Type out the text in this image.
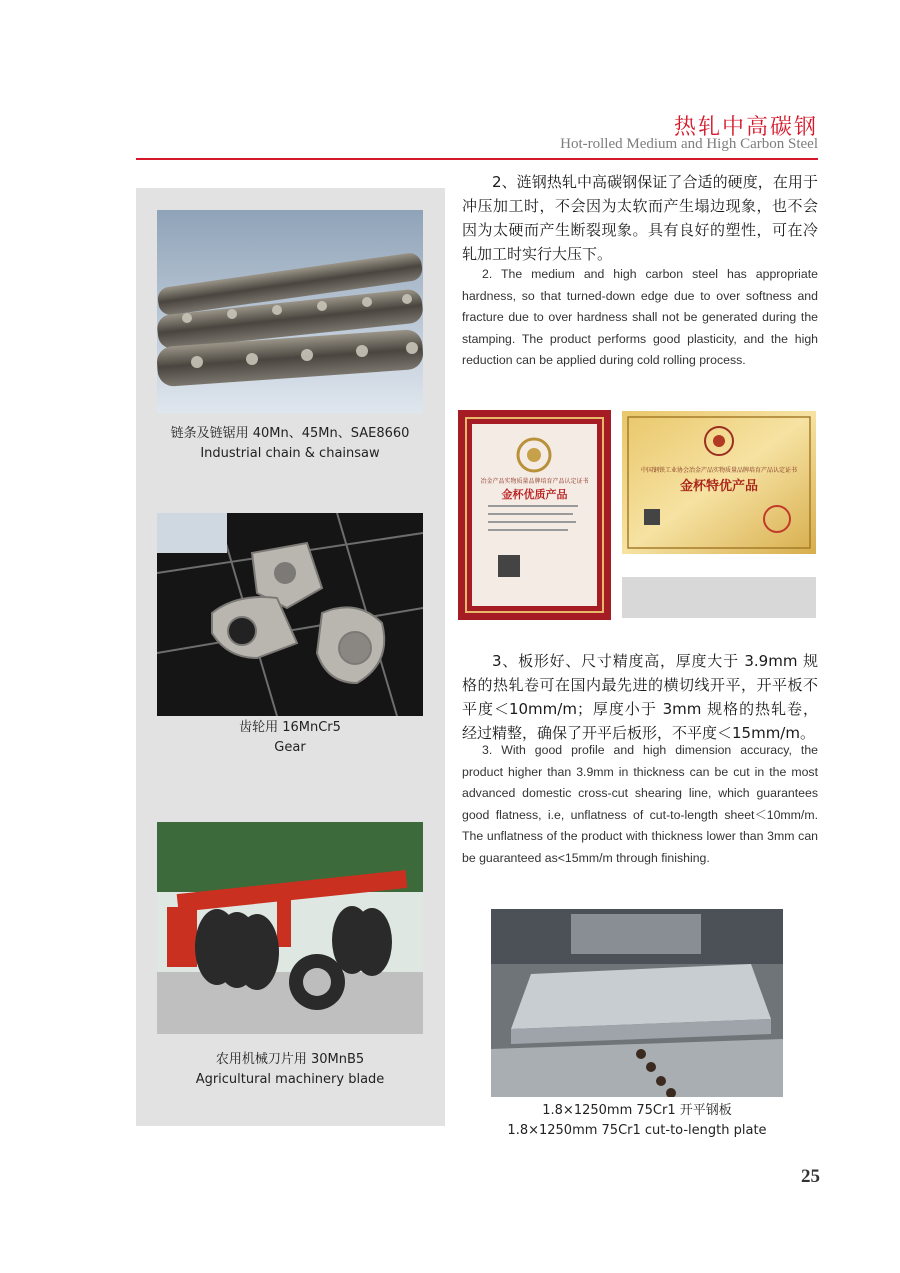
热轧中高碳钢
Hot-rolled Medium and High Carbon Steel
链条及链锯用 40Mn、45Mn、SAE8660
Industrial chain & chainsaw
齿轮用 16MnCr5
Gear
农用机械刀片用 30MnB5
Agricultural machinery blade
2、涟钢热轧中高碳钢保证了合适的硬度，在用于冲压加工时，不会因为太软而产生塌边现象，也不会因为太硬而产生断裂现象。具有良好的塑性，可在冷轧加工时实行大压下。
2. The medium and high carbon steel has appropriate hardness, so that turned-down edge due to over softness and fracture due to over hardness shall not be generated during the stamping. The product performs good plasticity, and the high reduction can be applied during cold rolling process.
冶金产品实物质量品牌培育产品认定证书
金杯优质产品
中国钢铁工业协会冶金产品实物质量品牌培育产品认定证书
金杯特优产品
3、板形好、尺寸精度高，厚度大于 3.9mm 规格的热轧卷可在国内最先进的横切线开平，开平板不平度＜10mm/m；厚度小于 3mm 规格的热轧卷，经过精整，确保了开平后板形，不平度＜15mm/m。
3. With good profile and high dimension accuracy, the product higher than 3.9mm in thickness can be cut in the most advanced domestic cross-cut shearing line, which guarantees good flatness, i.e, unflatness of cut-to-length sheet＜10mm/m. The unflatness of the product with thickness lower than 3mm can be guaranteed as<15mm/m through finishing.
1.8×1250mm 75Cr1 开平钢板
1.8×1250mm 75Cr1 cut-to-length plate
25
